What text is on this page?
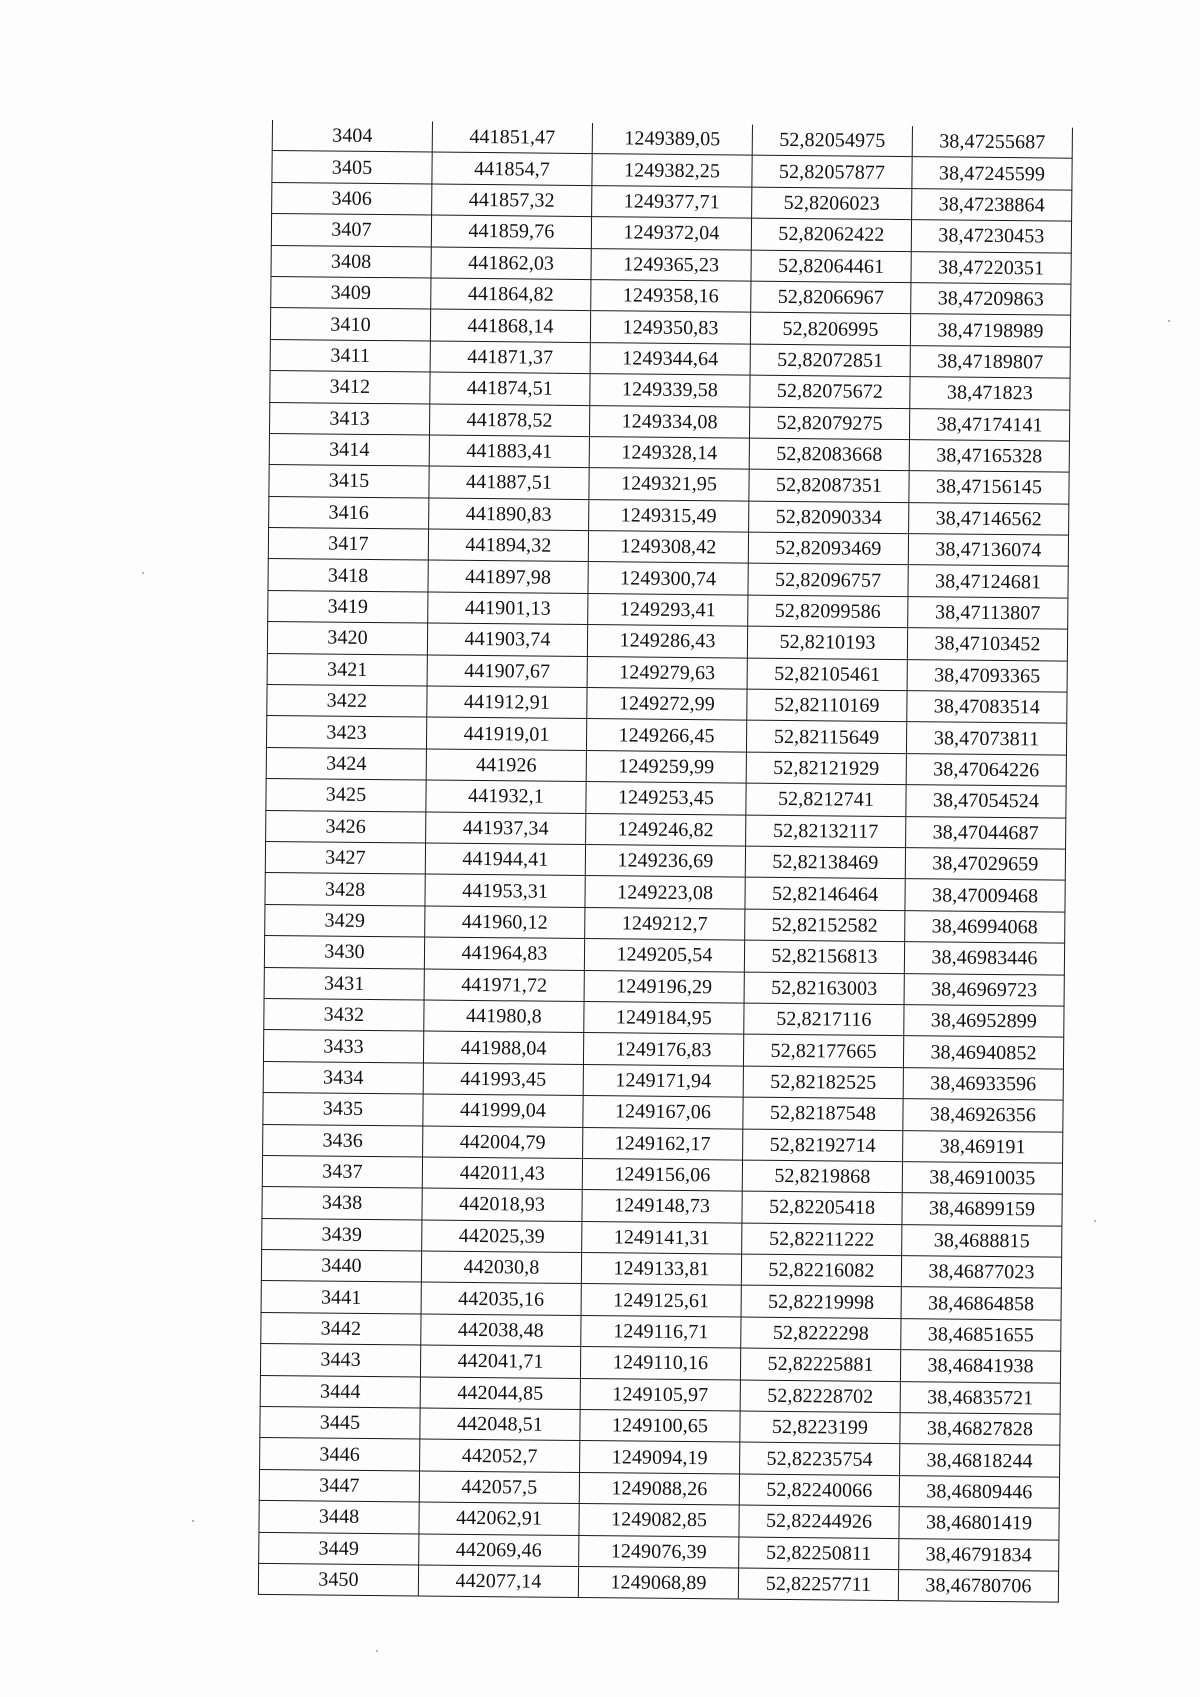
3404	441851,47	1249389,05	52,82054975	38,47255687
3405	441854,7	1249382,25	52,82057877	38,47245599
3406	441857,32	1249377,71	52,8206023	38,47238864
3407	441859,76	1249372,04	52,82062422	38,47230453
3408	441862,03	1249365,23	52,82064461	38,47220351
3409	441864,82	1249358,16	52,82066967	38,47209863
3410	441868,14	1249350,83	52,8206995	38,47198989
3411	441871,37	1249344,64	52,82072851	38,47189807
3412	441874,51	1249339,58	52,82075672	38,471823
3413	441878,52	1249334,08	52,82079275	38,47174141
3414	441883,41	1249328,14	52,82083668	38,47165328
3415	441887,51	1249321,95	52,82087351	38,47156145
3416	441890,83	1249315,49	52,82090334	38,47146562
3417	441894,32	1249308,42	52,82093469	38,47136074
3418	441897,98	1249300,74	52,82096757	38,47124681
3419	441901,13	1249293,41	52,82099586	38,47113807
3420	441903,74	1249286,43	52,8210193	38,47103452
3421	441907,67	1249279,63	52,82105461	38,47093365
3422	441912,91	1249272,99	52,82110169	38,47083514
3423	441919,01	1249266,45	52,82115649	38,47073811
3424	441926	1249259,99	52,82121929	38,47064226
3425	441932,1	1249253,45	52,8212741	38,47054524
3426	441937,34	1249246,82	52,82132117	38,47044687
3427	441944,41	1249236,69	52,82138469	38,47029659
3428	441953,31	1249223,08	52,82146464	38,47009468
3429	441960,12	1249212,7	52,82152582	38,46994068
3430	441964,83	1249205,54	52,82156813	38,46983446
3431	441971,72	1249196,29	52,82163003	38,46969723
3432	441980,8	1249184,95	52,8217116	38,46952899
3433	441988,04	1249176,83	52,82177665	38,46940852
3434	441993,45	1249171,94	52,82182525	38,46933596
3435	441999,04	1249167,06	52,82187548	38,46926356
3436	442004,79	1249162,17	52,82192714	38,469191
3437	442011,43	1249156,06	52,8219868	38,46910035
3438	442018,93	1249148,73	52,82205418	38,46899159
3439	442025,39	1249141,31	52,82211222	38,4688815
3440	442030,8	1249133,81	52,82216082	38,46877023
3441	442035,16	1249125,61	52,82219998	38,46864858
3442	442038,48	1249116,71	52,8222298	38,46851655
3443	442041,71	1249110,16	52,82225881	38,46841938
3444	442044,85	1249105,97	52,82228702	38,46835721
3445	442048,51	1249100,65	52,8223199	38,46827828
3446	442052,7	1249094,19	52,82235754	38,46818244
3447	442057,5	1249088,26	52,82240066	38,46809446
3448	442062,91	1249082,85	52,82244926	38,46801419
3449	442069,46	1249076,39	52,82250811	38,46791834
3450	442077,14	1249068,89	52,82257711	38,46780706
